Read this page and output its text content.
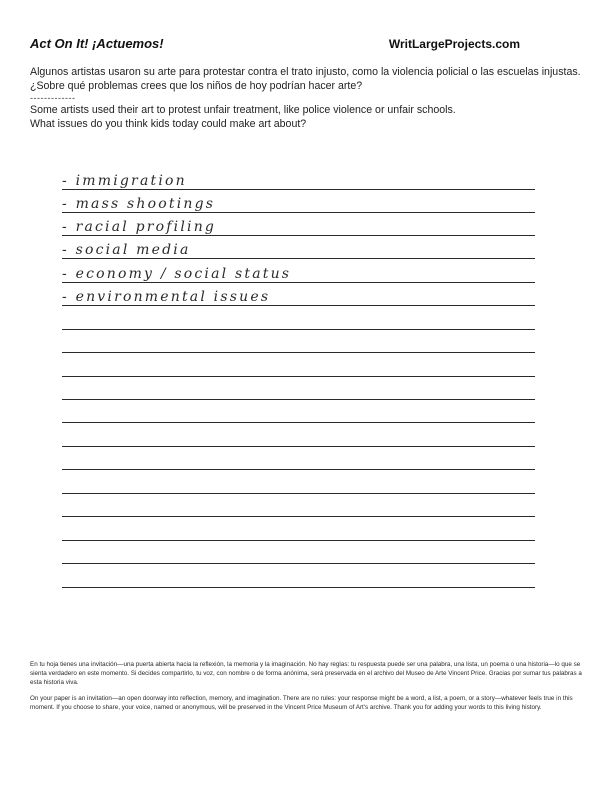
Act On It! ¡Actuemos!	WritLargeProjects.com

Algunos artistas usaron su arte para protestar contra el trato injusto, como la violencia policial o las escuelas injustas.

¿Sobre qué problemas crees que los niños de hoy podrían hacer arte?

-------------

Some artists used their art to protest unfair treatment, like police violence or unfair schools.

What issues do you think kids today could make art about?

- immigration
- mass shootings
- racial profiling
- social media
- economy / social status
- environmental issues

En tu hoja tienes una invitación—una puerta abierta hacia la reflexión, la memoria y la imaginación. No hay reglas: tu respuesta puede ser una palabra, una lista, un poema o una historia—lo que se sienta verdadero en este momento. Si decides compartirlo, tu voz, con nombre o de forma anónima, será preservada en el archivo del Museo de Arte Vincent Price. Gracias por sumar tus palabras a esta historia viva.

On your paper is an invitation—an open doorway into reflection, memory, and imagination. There are no rules: your response might be a word, a list, a poem, or a story—whatever feels true in this moment. If you choose to share, your voice, named or anonymous, will be preserved in the Vincent Price Museum of Art's archive. Thank you for adding your words to this living history.
